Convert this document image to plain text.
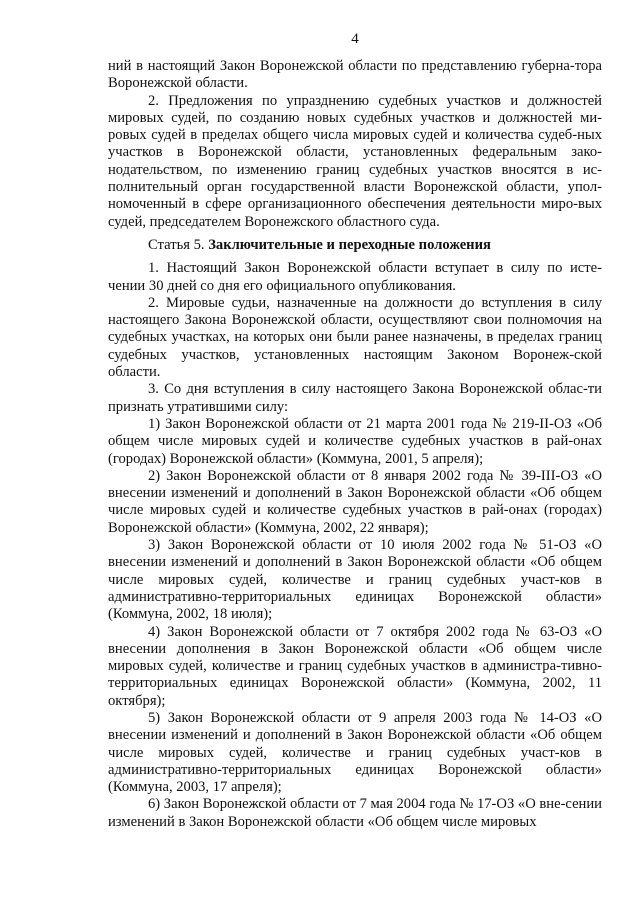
4

ний в настоящий Закон Воронежской области по представлению губерна-тора Воронежской области.

2. Предложения по упразднению судебных участков и должностей мировых судей, по созданию новых судебных участков и должностей ми-ровых судей в пределах общего числа мировых судей и количества судеб-ных участков в Воронежской области, установленных федеральным зако-нодательством, по изменению границ судебных участков вносятся в ис-полнительный орган государственной власти Воронежской области, упол-номоченный в сфере организационного обеспечения деятельности миро-вых судей, председателем Воронежского областного суда.

Статья 5. Заключительные и переходные положения

1. Настоящий Закон Воронежской области вступает в силу по исте-чении 30 дней со дня его официального опубликования.

2. Мировые судьи, назначенные на должности до вступления в силу настоящего Закона Воронежской области, осуществляют свои полномочия на судебных участках, на которых они были ранее назначены, в пределах границ судебных участков, установленных настоящим Законом Воронеж-ской области.

3. Со дня вступления в силу настоящего Закона Воронежской облас-ти признать утратившими силу:

1) Закон Воронежской области от 21 марта 2001 года № 219-II-ОЗ «Об общем числе мировых судей и количестве судебных участков в рай-онах (городах) Воронежской области» (Коммуна, 2001, 5 апреля);

2) Закон Воронежской области от 8 января 2002 года № 39-III-ОЗ «О внесении изменений и дополнений в Закон Воронежской области «Об общем числе мировых судей и количестве судебных участков в рай-онах (городах) Воронежской области» (Коммуна, 2002, 22 января);

3) Закон Воронежской области от 10 июля 2002 года № 51-ОЗ «О внесении изменений и дополнений в Закон Воронежской области «Об общем числе мировых судей, количестве и границ судебных участ-ков в административно-территориальных единицах Воронежской области» (Коммуна, 2002, 18 июля);

4) Закон Воронежской области от 7 октября 2002 года № 63-ОЗ «О внесении дополнения в Закон Воронежской области «Об общем числе мировых судей, количестве и границ судебных участков в администра-тивно-территориальных единицах Воронежской области» (Коммуна, 2002, 11 октября);

5) Закон Воронежской области от 9 апреля 2003 года № 14-ОЗ «О внесении изменений и дополнений в Закон Воронежской области «Об общем числе мировых судей, количестве и границ судебных участ-ков в административно-территориальных единицах Воронежской области» (Коммуна, 2003, 17 апреля);

6) Закон Воронежской области от 7 мая 2004 года № 17-ОЗ «О вне-сении изменений в Закон Воронежской области «Об общем числе мировых
